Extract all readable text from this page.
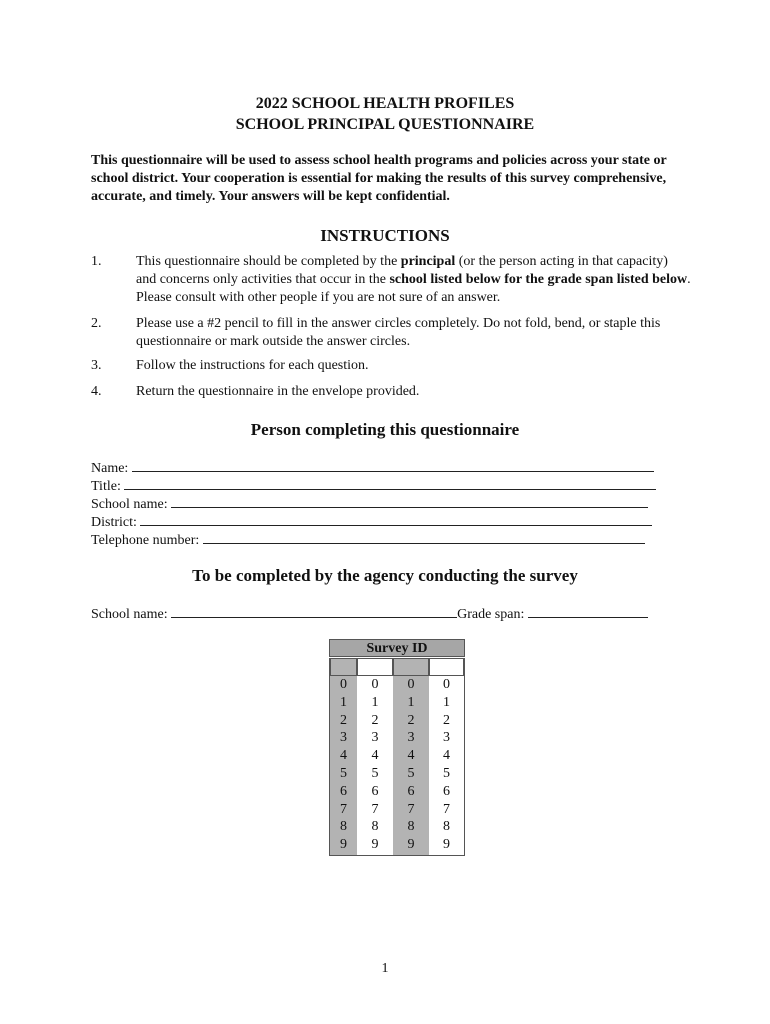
2022 SCHOOL HEALTH PROFILES
SCHOOL PRINCIPAL QUESTIONNAIRE
This questionnaire will be used to assess school health programs and policies across your state or school district. Your cooperation is essential for making the results of this survey comprehensive, accurate, and timely. Your answers will be kept confidential.
INSTRUCTIONS
1. This questionnaire should be completed by the principal (or the person acting in that capacity) and concerns only activities that occur in the school listed below for the grade span listed below. Please consult with other people if you are not sure of an answer.
2. Please use a #2 pencil to fill in the answer circles completely. Do not fold, bend, or staple this questionnaire or mark outside the answer circles.
3. Follow the instructions for each question.
4. Return the questionnaire in the envelope provided.
Person completing this questionnaire
Name:
Title:
School name:
District:
Telephone number:
To be completed by the agency conducting the survey
School name:	Grade span:
Survey ID
0
1
2
3
4
5
6
7
8
9
0
1
2
3
4
5
6
7
8
9
0
1
2
3
4
5
6
7
8
9
0
1
2
3
4
5
6
7
8
9
1
